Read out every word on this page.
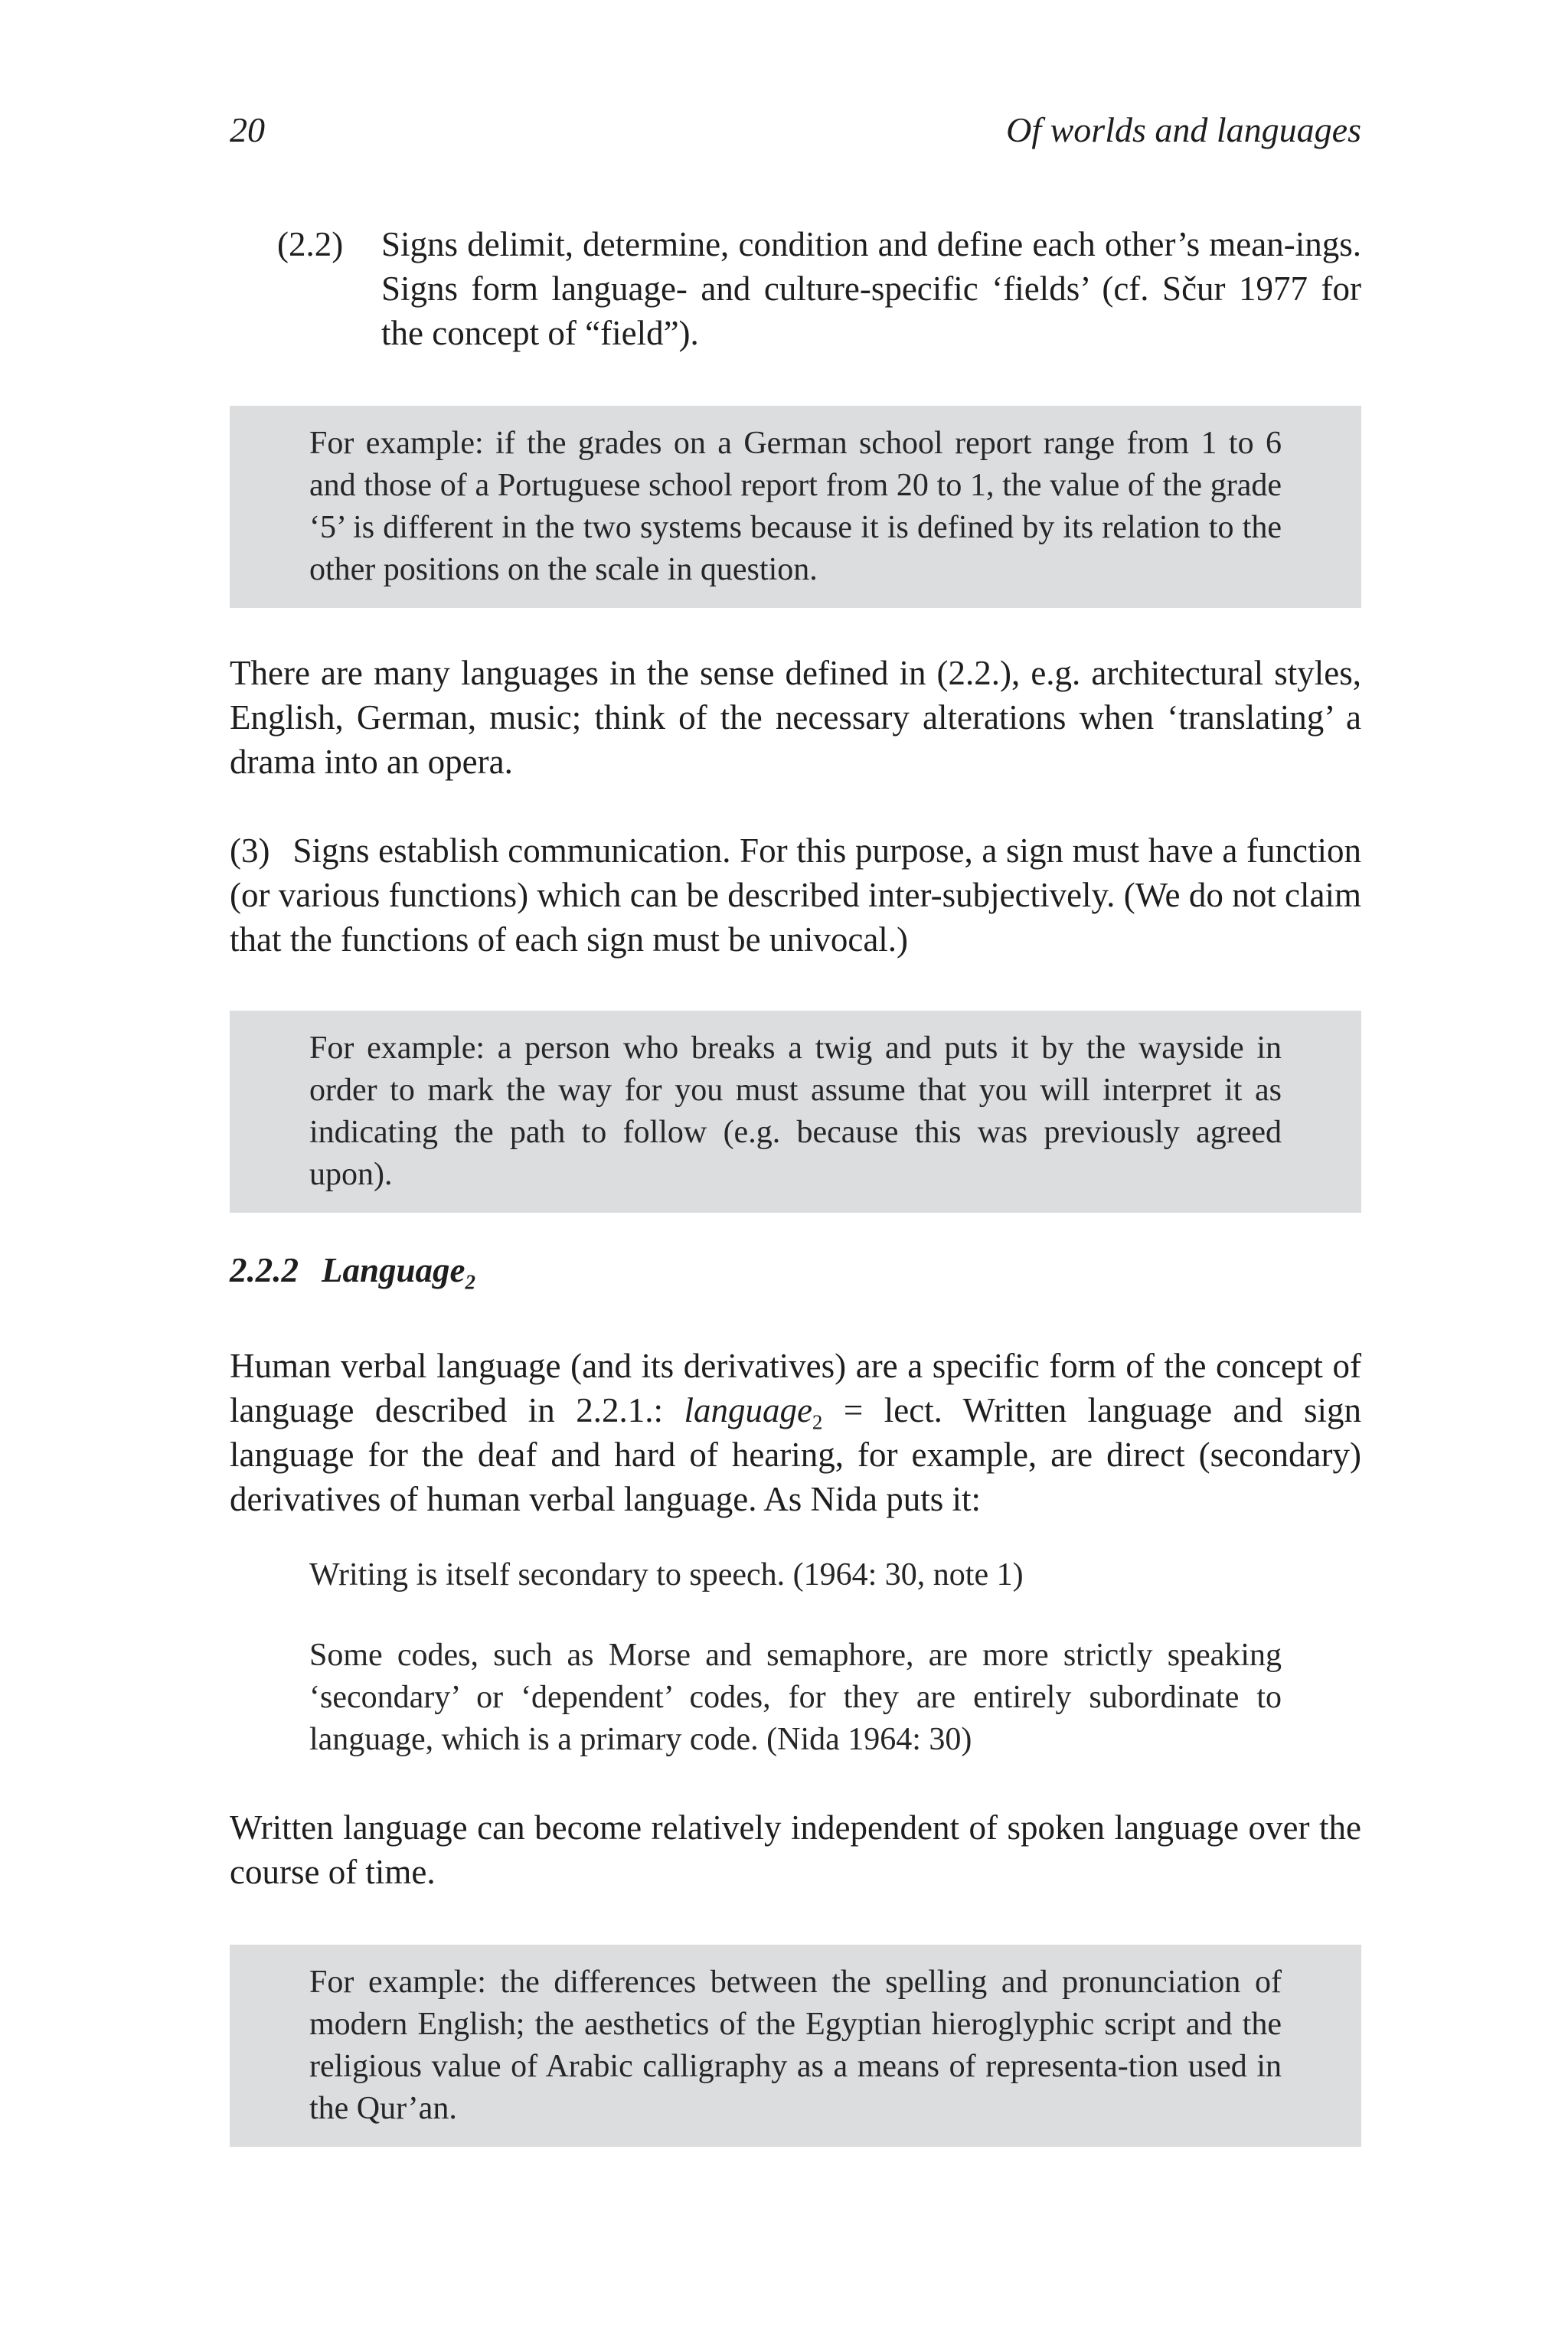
20	Of worlds and languages
(2.2) Signs delimit, determine, condition and define each other’s mean-ings. Signs form language- and culture-specific ‘fields’ (cf. Sčur 1977 for the concept of “field”).

For example: if the grades on a German school report range from 1 to 6 and those of a Portuguese school report from 20 to 1, the value of the grade ‘5’ is different in the two systems because it is defined by its relation to the other positions on the scale in question.

There are many languages in the sense defined in (2.2.), e.g. architectural styles, English, German, music; think of the necessary alterations when ‘translating’ a drama into an opera.

(3) Signs establish communication. For this purpose, a sign must have a function (or various functions) which can be described inter-subjectively. (We do not claim that the functions of each sign must be univocal.)

For example: a person who breaks a twig and puts it by the wayside in order to mark the way for you must assume that you will interpret it as indicating the path to follow (e.g. because this was previously agreed upon).

2.2.2 Language$_2$

Human verbal language (and its derivatives) are a specific form of the concept of language described in 2.2.1.: language$_2$ = lect. Written language and sign language for the deaf and hard of hearing, for example, are direct (secondary) derivatives of human verbal language. As Nida puts it:

Writing is itself secondary to speech. (1964: 30, note 1)

Some codes, such as Morse and semaphore, are more strictly speaking ‘secondary’ or ‘dependent’ codes, for they are entirely subordinate to language, which is a primary code. (Nida 1964: 30)

Written language can become relatively independent of spoken language over the course of time.

For example: the differences between the spelling and pronunciation of modern English; the aesthetics of the Egyptian hieroglyphic script and the religious value of Arabic calligraphy as a means of representa-tion used in the Qur’an.
